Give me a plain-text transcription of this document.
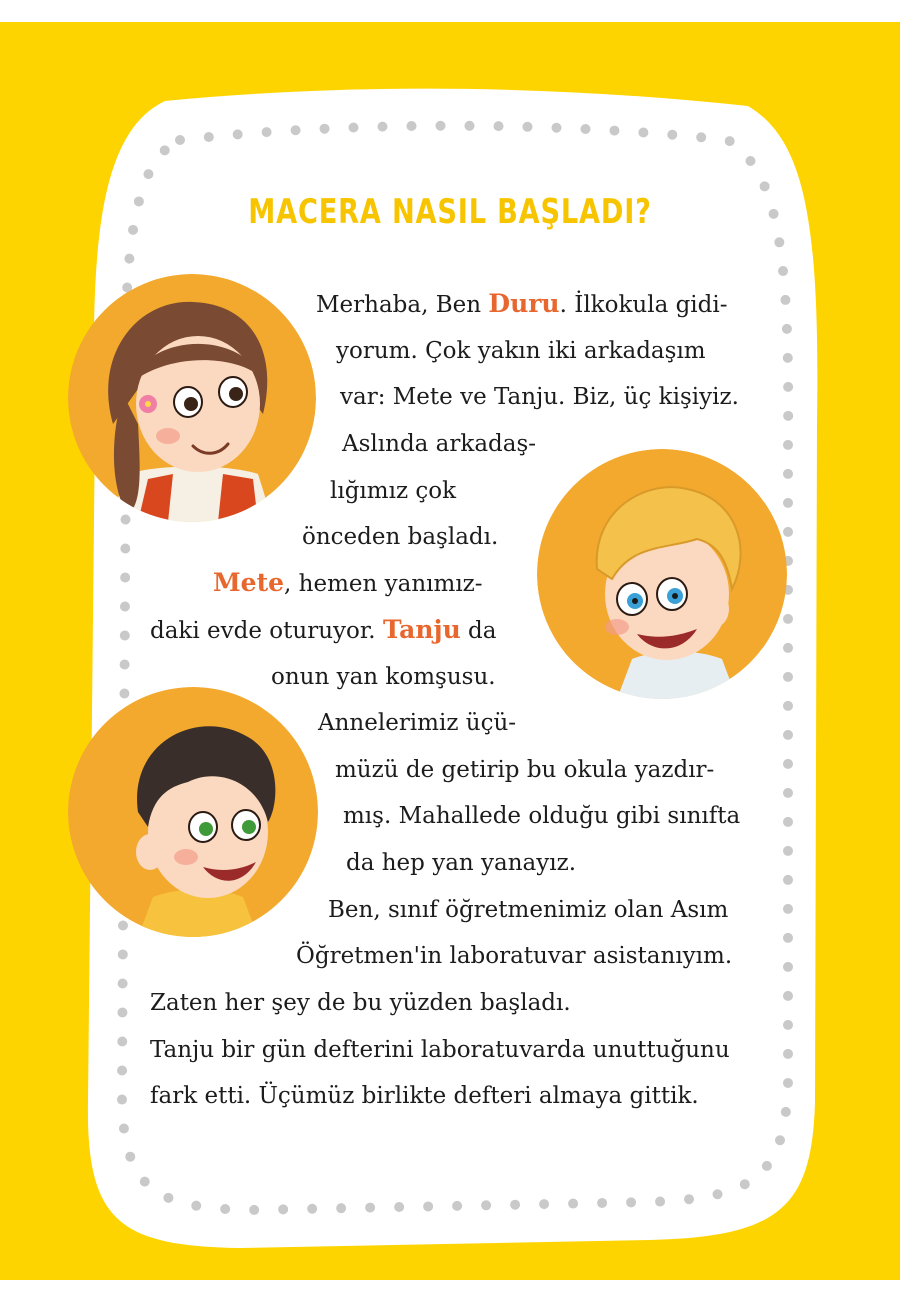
MACERA NASIL BAŞLADI?
Merhaba, Ben Duru. İlkokula gidi-
yorum. Çok yakın iki arkadaşım
var: Mete ve Tanju. Biz, üç kişiyiz.
Aslında arkadaş-
lığımız çok
önceden başladı.
Mete, hemen yanımız-
daki evde oturuyor. Tanju da
onun yan komşusu.
Annelerimiz üçü-
müzü de getirip bu okula yazdır-
mış. Mahallede olduğu gibi sınıfta
da hep yan yanayız.
Ben, sınıf öğretmenimiz olan Asım
Öğretmen'in laboratuvar asistanıyım.
Zaten her şey de bu yüzden başladı.
Tanju bir gün defterini laboratuvarda unuttuğunu
fark etti. Üçümüz birlikte defteri almaya gittik.
